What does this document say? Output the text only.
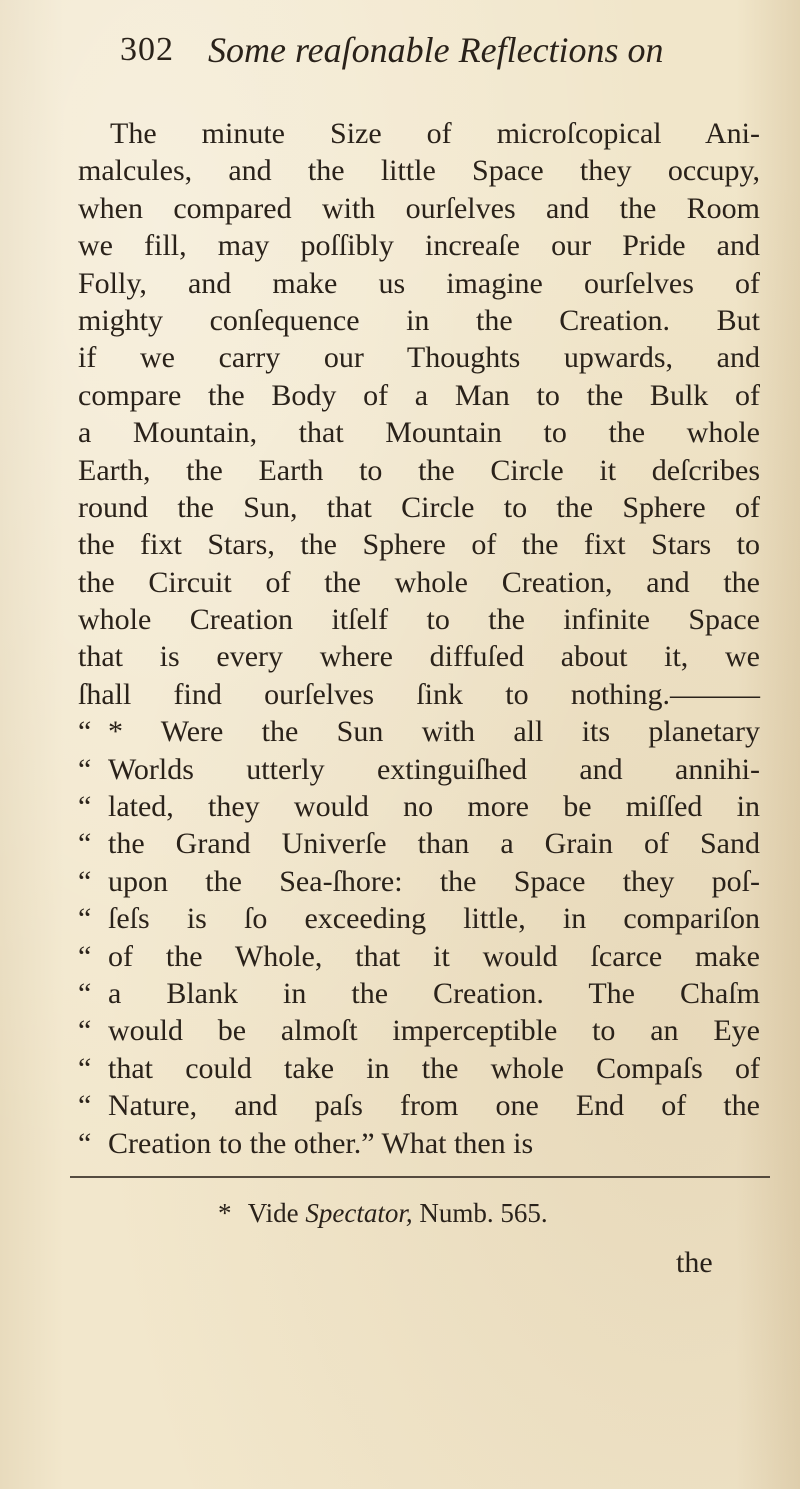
302 Some reaſonable Reflections on
The minute Size of microſcopical Ani-
malcules, and the little Space they occupy,
when compared with ourſelves and the Room
we fill, may poſſibly increaſe our Pride and
Folly, and make us imagine ourſelves of
mighty conſequence in the Creation. But
if we carry our Thoughts upwards, and
compare the Body of a Man to the Bulk of
a Mountain, that Mountain to the whole
Earth, the Earth to the Circle it deſcribes
round the Sun, that Circle to the Sphere of
the fixt Stars, the Sphere of the fixt Stars to
the Circuit of the whole Creation, and the
whole Creation itſelf to the infinite Space
that is every where diffuſed about it, we
ſhall find ourſelves ſink to nothing.———
“ * Were the Sun with all its planetary
“ Worlds utterly extinguiſhed and annihi-
“ lated, they would no more be miſſed in
“ the Grand Univerſe than a Grain of Sand
“ upon the Sea-ſhore: the Space they poſ-
“ ſeſs is ſo exceeding little, in compariſon
“ of the Whole, that it would ſcarce make
“ a Blank in the Creation. The Chaſm
“ would be almoſt imperceptible to an Eye
“ that could take in the whole Compaſs of
“ Nature, and paſs from one End of the
“ Creation to the other.” What then is
* Vide Spectator, Numb. 565.
the
